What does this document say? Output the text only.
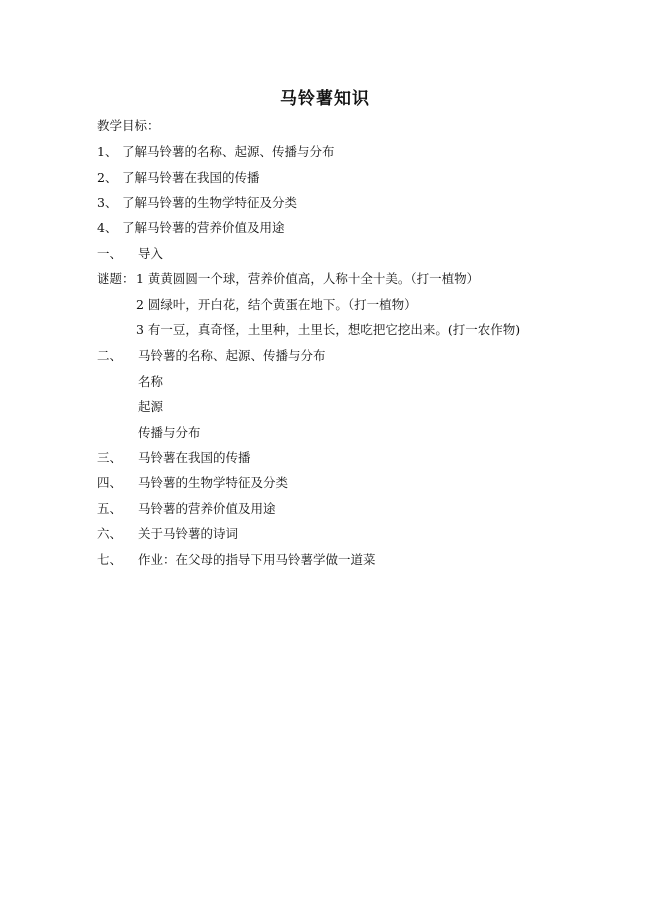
马铃薯知识
教学目标：
1、 了解马铃薯的名称、起源、传播与分布
2、 了解马铃薯在我国的传播
3、 了解马铃薯的生物学特征及分类
4、 了解马铃薯的营养价值及用途
一、 导入
谜题：1 黄黄圆圆一个球，营养价值高，人称十全十美。（打一植物）
2 圆绿叶，开白花，结个黄蛋在地下。（打一植物）
3 有一豆，真奇怪，土里种，土里长，想吃把它挖出来。(打一农作物)
二、 马铃薯的名称、起源、传播与分布
名称
起源
传播与分布
三、 马铃薯在我国的传播
四、 马铃薯的生物学特征及分类
五、 马铃薯的营养价值及用途
六、 关于马铃薯的诗词
七、 作业：在父母的指导下用马铃薯学做一道菜
